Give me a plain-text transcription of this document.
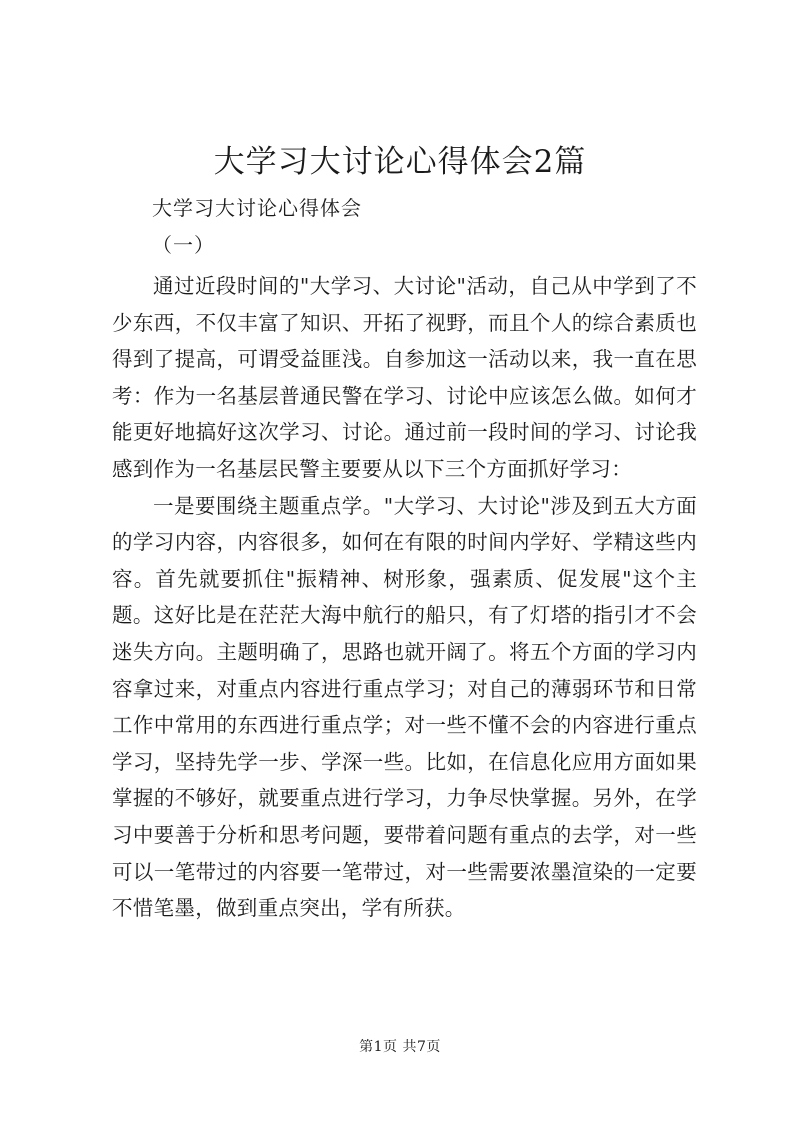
大学习大讨论心得体会2篇
大学习大讨论心得体会
（一）

通过近段时间的"大学习、大讨论"活动，自己从中学到了不少东西，不仅丰富了知识、开拓了视野，而且个人的综合素质也得到了提高，可谓受益匪浅。自参加这一活动以来，我一直在思考：作为一名基层普通民警在学习、讨论中应该怎么做。如何才能更好地搞好这次学习、讨论。通过前一段时间的学习、讨论我感到作为一名基层民警主要要从以下三个方面抓好学习：

一是要围绕主题重点学。"大学习、大讨论"涉及到五大方面的学习内容，内容很多，如何在有限的时间内学好、学精这些内容。首先就要抓住"振精神、树形象，强素质、促发展"这个主题。这好比是在茫茫大海中航行的船只，有了灯塔的指引才不会迷失方向。主题明确了，思路也就开阔了。将五个方面的学习内容拿过来，对重点内容进行重点学习；对自己的薄弱环节和日常工作中常用的东西进行重点学；对一些不懂不会的内容进行重点学习，坚持先学一步、学深一些。比如，在信息化应用方面如果掌握的不够好，就要重点进行学习，力争尽快掌握。另外，在学习中要善于分析和思考问题，要带着问题有重点的去学，对一些可以一笔带过的内容要一笔带过，对一些需要浓墨渲染的一定要不惜笔墨，做到重点突出，学有所获。

第1页 共7页
